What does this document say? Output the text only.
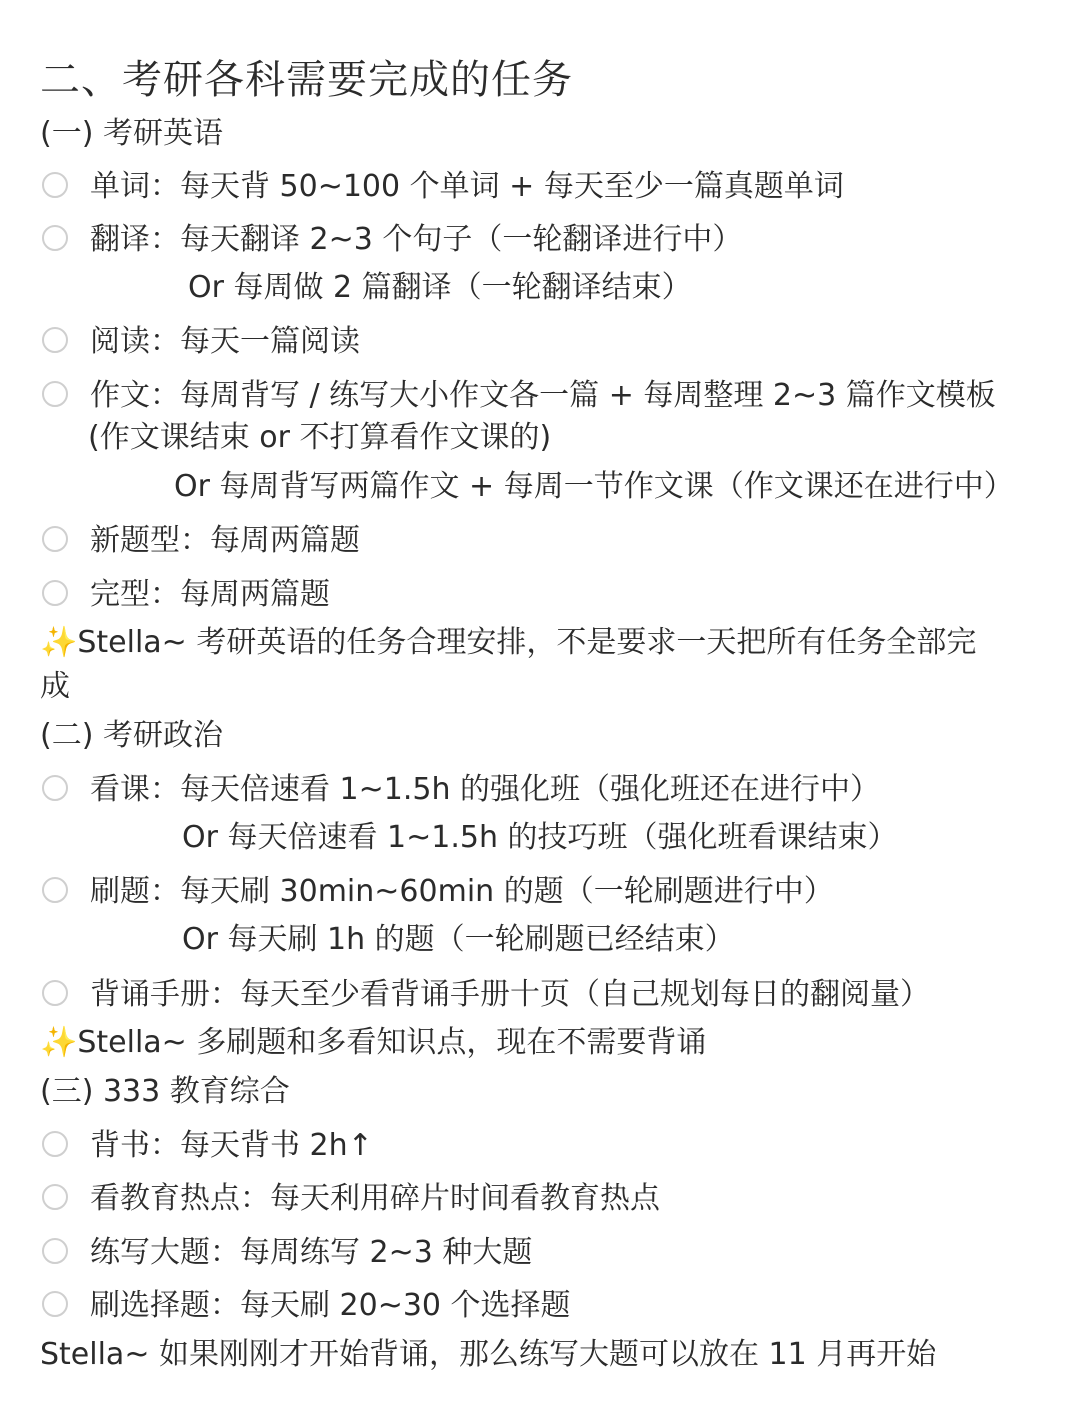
二、考研各科需要完成的任务
(一) 考研英语
单词：每天背 50~100 个单词 + 每天至少一篇真题单词
翻译：每天翻译 2~3 个句子（一轮翻译进行中）
Or 每周做 2 篇翻译（一轮翻译结束）
阅读：每天一篇阅读
作文：每周背写 / 练写大小作文各一篇 + 每周整理 2~3 篇作文模板
(作文课结束 or 不打算看作文课的)
Or 每周背写两篇作文 + 每周一节作文课（作文课还在进行中）
新题型：每周两篇题
完型：每周两篇题
✨Stella~ 考研英语的任务合理安排，不是要求一天把所有任务全部完
成
(二) 考研政治
看课：每天倍速看 1~1.5h 的强化班（强化班还在进行中）
Or 每天倍速看 1~1.5h 的技巧班（强化班看课结束）
刷题：每天刷 30min~60min 的题（一轮刷题进行中）
Or 每天刷 1h 的题（一轮刷题已经结束）
背诵手册：每天至少看背诵手册十页（自己规划每日的翻阅量）
✨Stella~ 多刷题和多看知识点，现在不需要背诵
(三) 333 教育综合
背书：每天背书 2h↑
看教育热点：每天利用碎片时间看教育热点
练写大题：每周练写 2~3 种大题
刷选择题：每天刷 20~30 个选择题
Stella~ 如果刚刚才开始背诵，那么练写大题可以放在 11 月再开始
